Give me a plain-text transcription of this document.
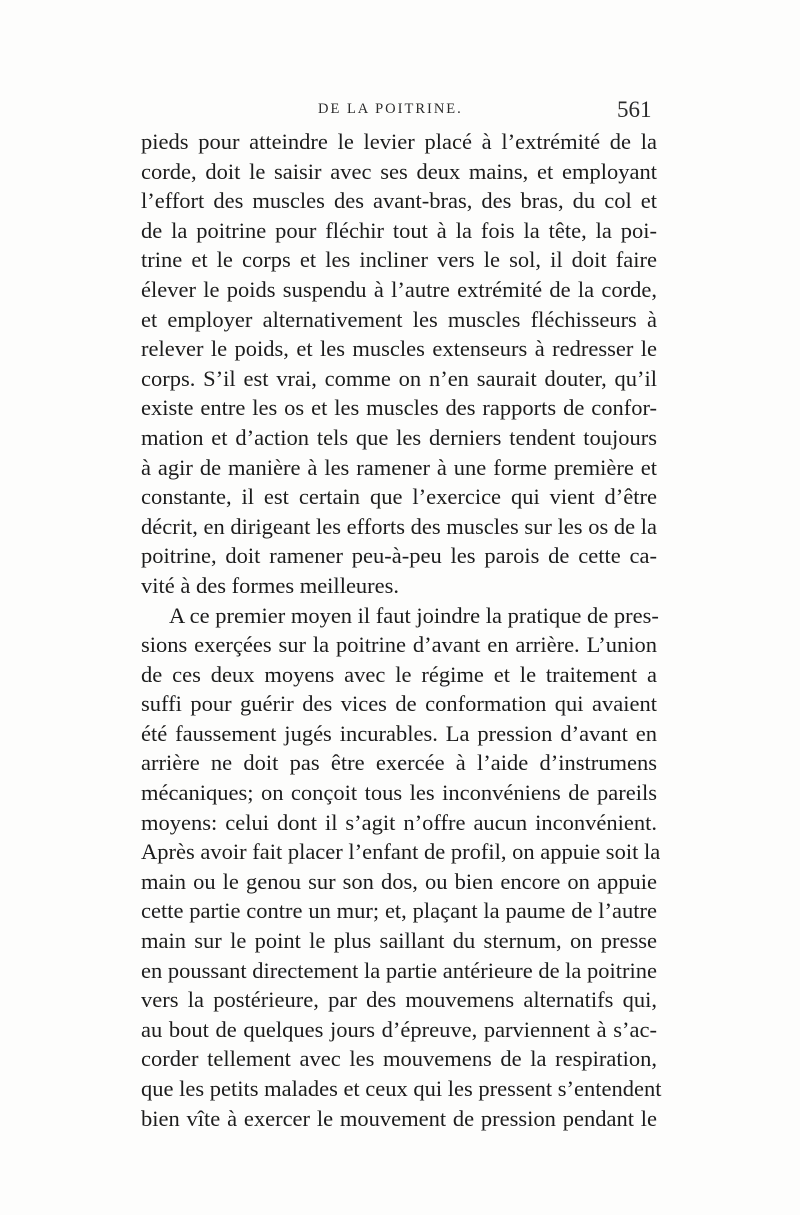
DE LA POITRINE.	561
pieds pour atteindre le levier placé à l’extrémité de la
corde, doit le saisir avec ses deux mains, et employant
l’effort des muscles des avant-bras, des bras, du col et
de la poitrine pour fléchir tout à la fois la tête, la poi-
trine et le corps et les incliner vers le sol, il doit faire
élever le poids suspendu à l’autre extrémité de la corde,
et employer alternativement les muscles fléchisseurs à
relever le poids, et les muscles extenseurs à redresser le
corps. S’il est vrai, comme on n’en saurait douter, qu’il
existe entre les os et les muscles des rapports de confor-
mation et d’action tels que les derniers tendent toujours
à agir de manière à les ramener à une forme première et
constante, il est certain que l’exercice qui vient d’être
décrit, en dirigeant les efforts des muscles sur les os de la
poitrine, doit ramener peu-à-peu les parois de cette ca-
vité à des formes meilleures.
A ce premier moyen il faut joindre la pratique de pres-
sions exerçées sur la poitrine d’avant en arrière. L’union
de ces deux moyens avec le régime et le traitement a
suffi pour guérir des vices de conformation qui avaient
été faussement jugés incurables. La pression d’avant en
arrière ne doit pas être exercée à l’aide d’instrumens
mécaniques; on conçoit tous les inconvéniens de pareils
moyens: celui dont il s’agit n’offre aucun inconvénient.
Après avoir fait placer l’enfant de profil, on appuie soit la
main ou le genou sur son dos, ou bien encore on appuie
cette partie contre un mur; et, plaçant la paume de l’autre
main sur le point le plus saillant du sternum, on presse
en poussant directement la partie antérieure de la poitrine
vers la postérieure, par des mouvemens alternatifs qui,
au bout de quelques jours d’épreuve, parviennent à s’ac-
corder tellement avec les mouvemens de la respiration,
que les petits malades et ceux qui les pressent s’entendent
bien vîte à exercer le mouvement de pression pendant le
